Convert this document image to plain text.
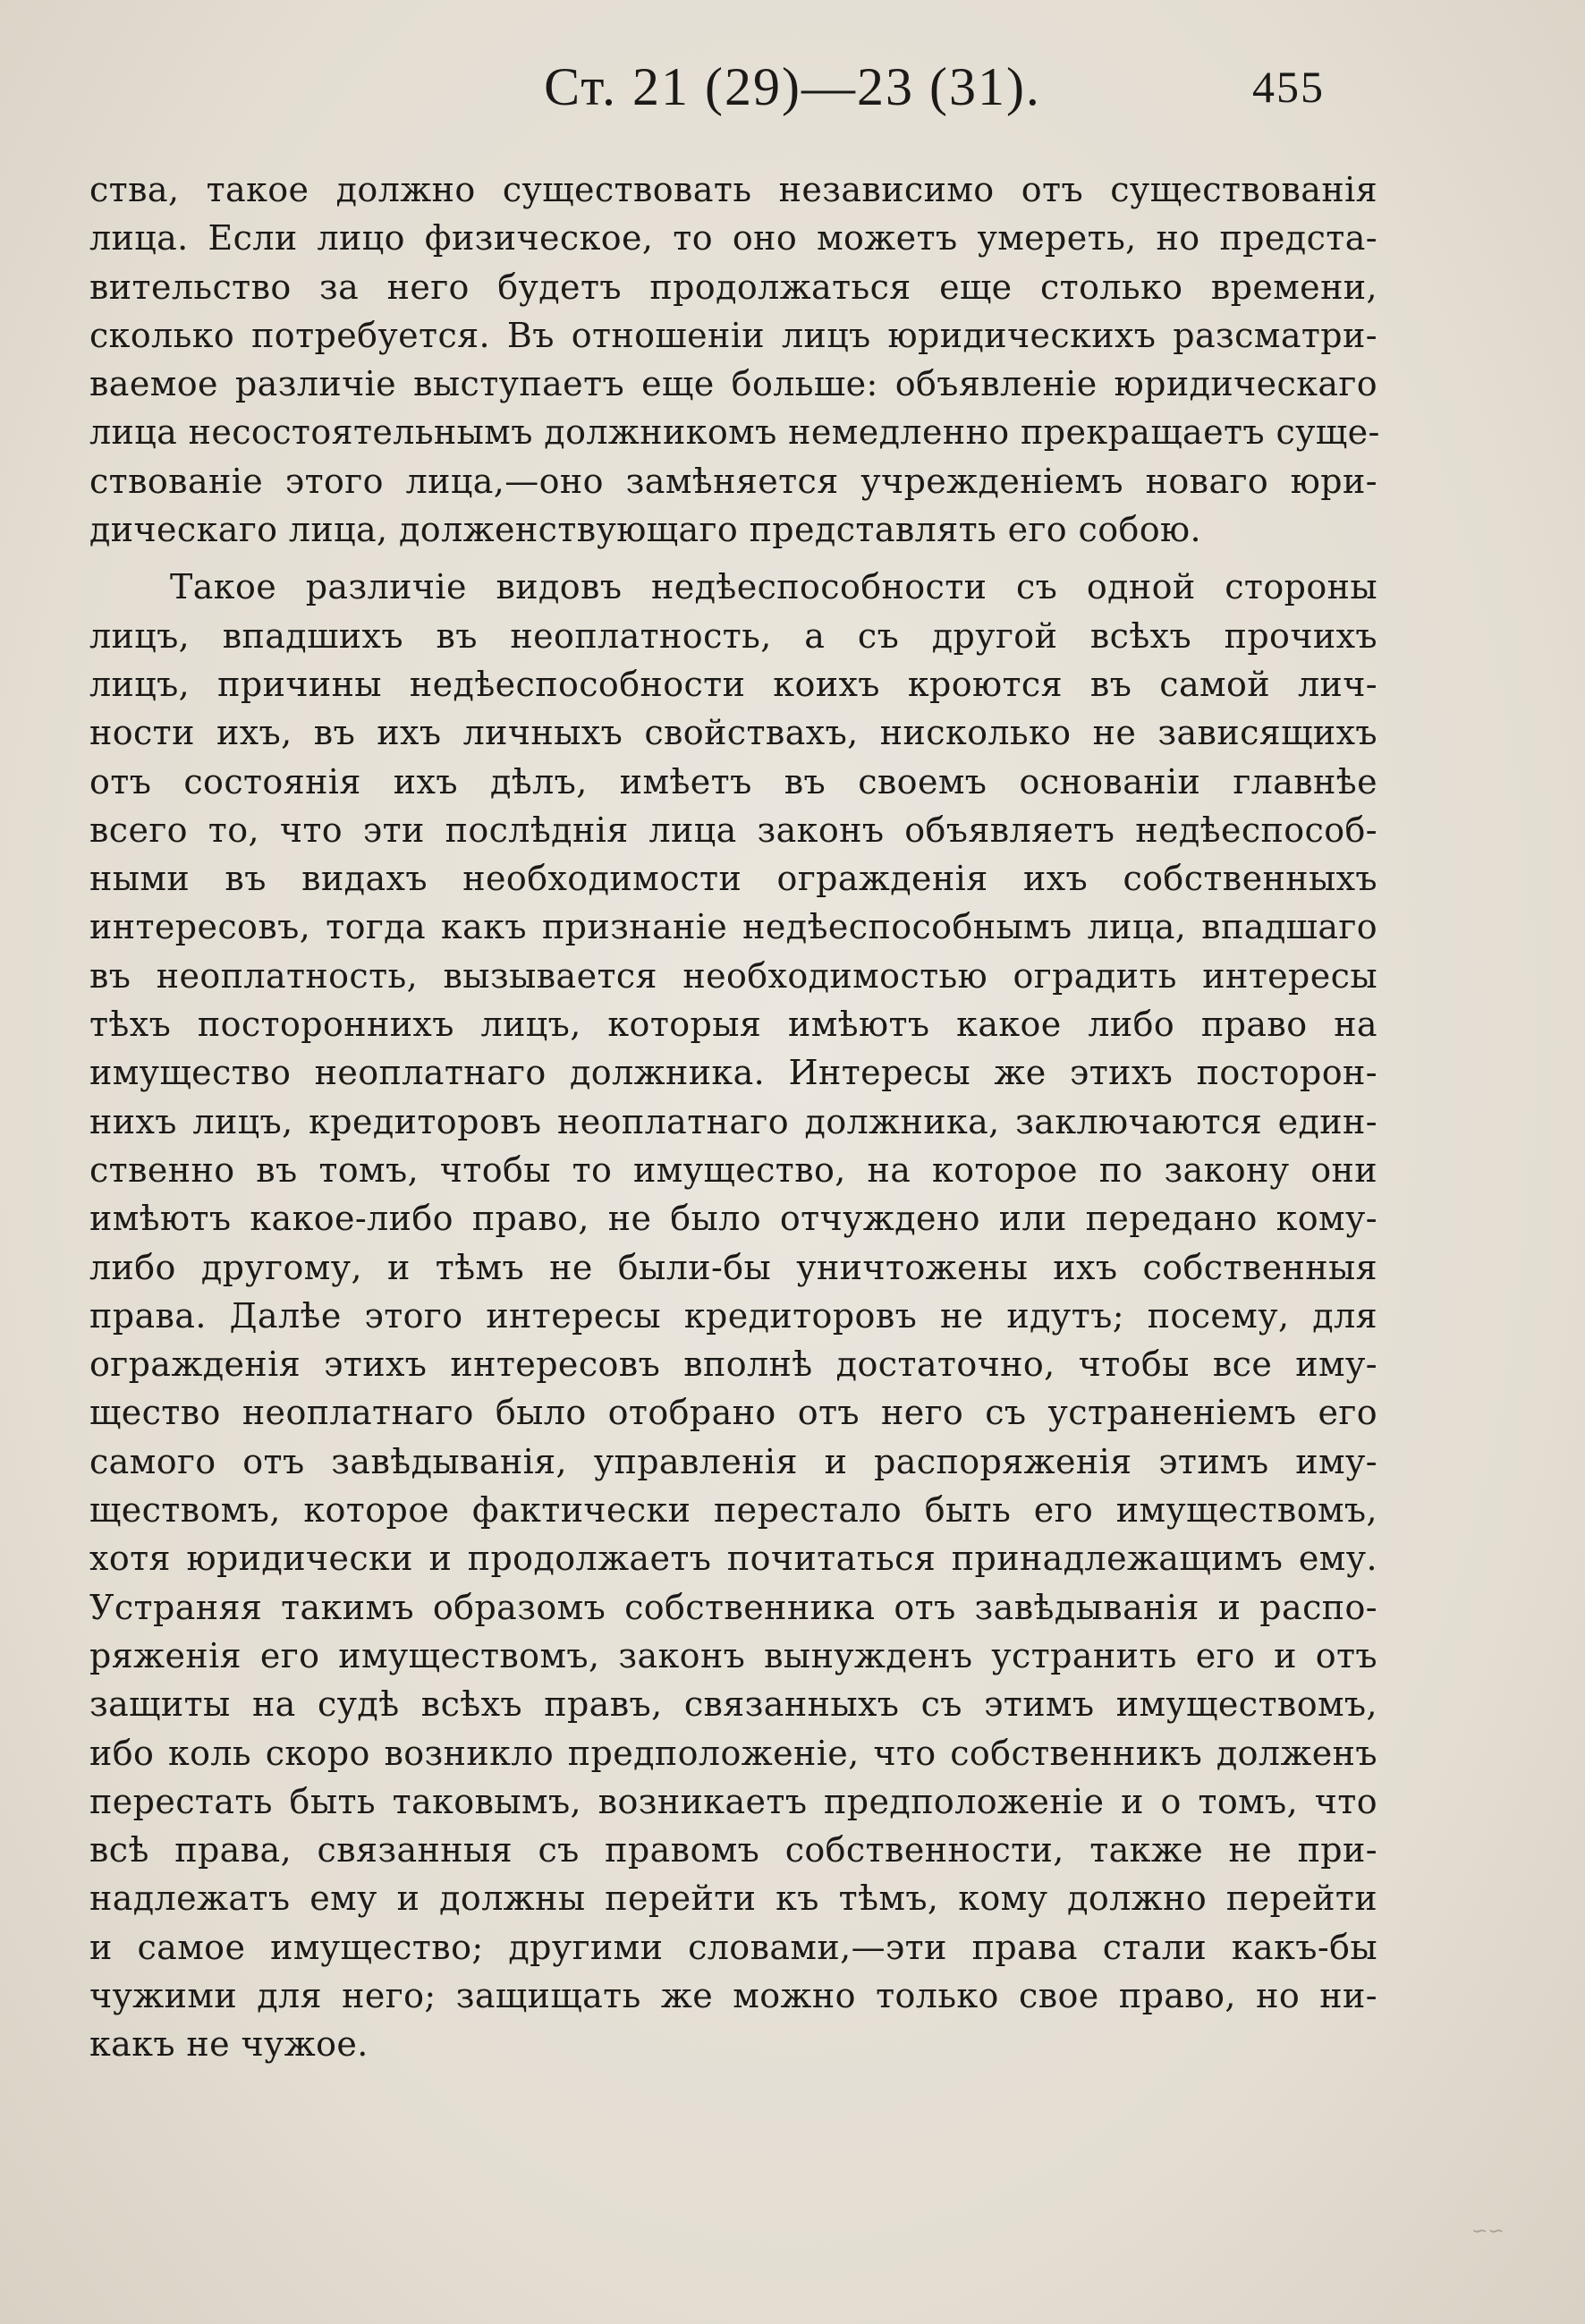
Ст. 21 (29)—23 (31).	455
ства, такое должно существовать независимо отъ существованія
лица. Если лицо физическое, то оно можетъ умереть, но предста-
вительство за него будетъ продолжаться еще столько времени,
сколько потребуется. Въ отношеніи лицъ юридическихъ разсматри-
ваемое различіе выступаетъ еще больше: объявленіе юридическаго
лица несостоятельнымъ должникомъ немедленно прекращаетъ суще-
ствованіе этого лица,—оно замѣняется учрежденіемъ новаго юри-
дическаго лица, долженствующаго представлять его собою.
Такое различіе видовъ недѣеспособности съ одной стороны
лицъ, впадшихъ въ неоплатность, а съ другой всѣхъ прочихъ
лицъ, причины недѣеспособности коихъ кроются въ самой лич-
ности ихъ, въ ихъ личныхъ свойствахъ, нисколько не зависящихъ
отъ состоянія ихъ дѣлъ, имѣетъ въ своемъ основаніи главнѣе
всего то, что эти послѣднія лица законъ объявляетъ недѣеспособ-
ными въ видахъ необходимости огражденія ихъ собственныхъ
интересовъ, тогда какъ признаніе недѣеспособнымъ лица, впадшаго
въ неоплатность, вызывается необходимостью оградить интересы
тѣхъ постороннихъ лицъ, которыя имѣютъ какое либо право на
имущество неоплатнаго должника. Интересы же этихъ посторон-
нихъ лицъ, кредиторовъ неоплатнаго должника, заключаются един-
ственно въ томъ, чтобы то имущество, на которое по закону они
имѣютъ какое-либо право, не было отчуждено или передано кому-
либо другому, и тѣмъ не были-бы уничтожены ихъ собственныя
права. Далѣе этого интересы кредиторовъ не идутъ; посему, для
огражденія этихъ интересовъ вполнѣ достаточно, чтобы все иму-
щество неоплатнаго было отобрано отъ него съ устраненіемъ его
самого отъ завѣдыванія, управленія и распоряженія этимъ иму-
ществомъ, которое фактически перестало быть его имуществомъ,
хотя юридически и продолжаетъ почитаться принадлежащимъ ему.
Устраняя такимъ образомъ собственника отъ завѣдыванія и распо-
ряженія его имуществомъ, законъ вынужденъ устранить его и отъ
защиты на судѣ всѣхъ правъ, связанныхъ съ этимъ имуществомъ,
ибо коль скоро возникло предположеніе, что собственникъ долженъ
перестать быть таковымъ, возникаетъ предположеніе и о томъ, что
всѣ права, связанныя съ правомъ собственности, также не при-
надлежатъ ему и должны перейти къ тѣмъ, кому должно перейти
и самое имущество; другими словами,—эти права стали какъ-бы
чужими для него; защищать же можно только свое право, но ни-
какъ не чужое.
∽∽
